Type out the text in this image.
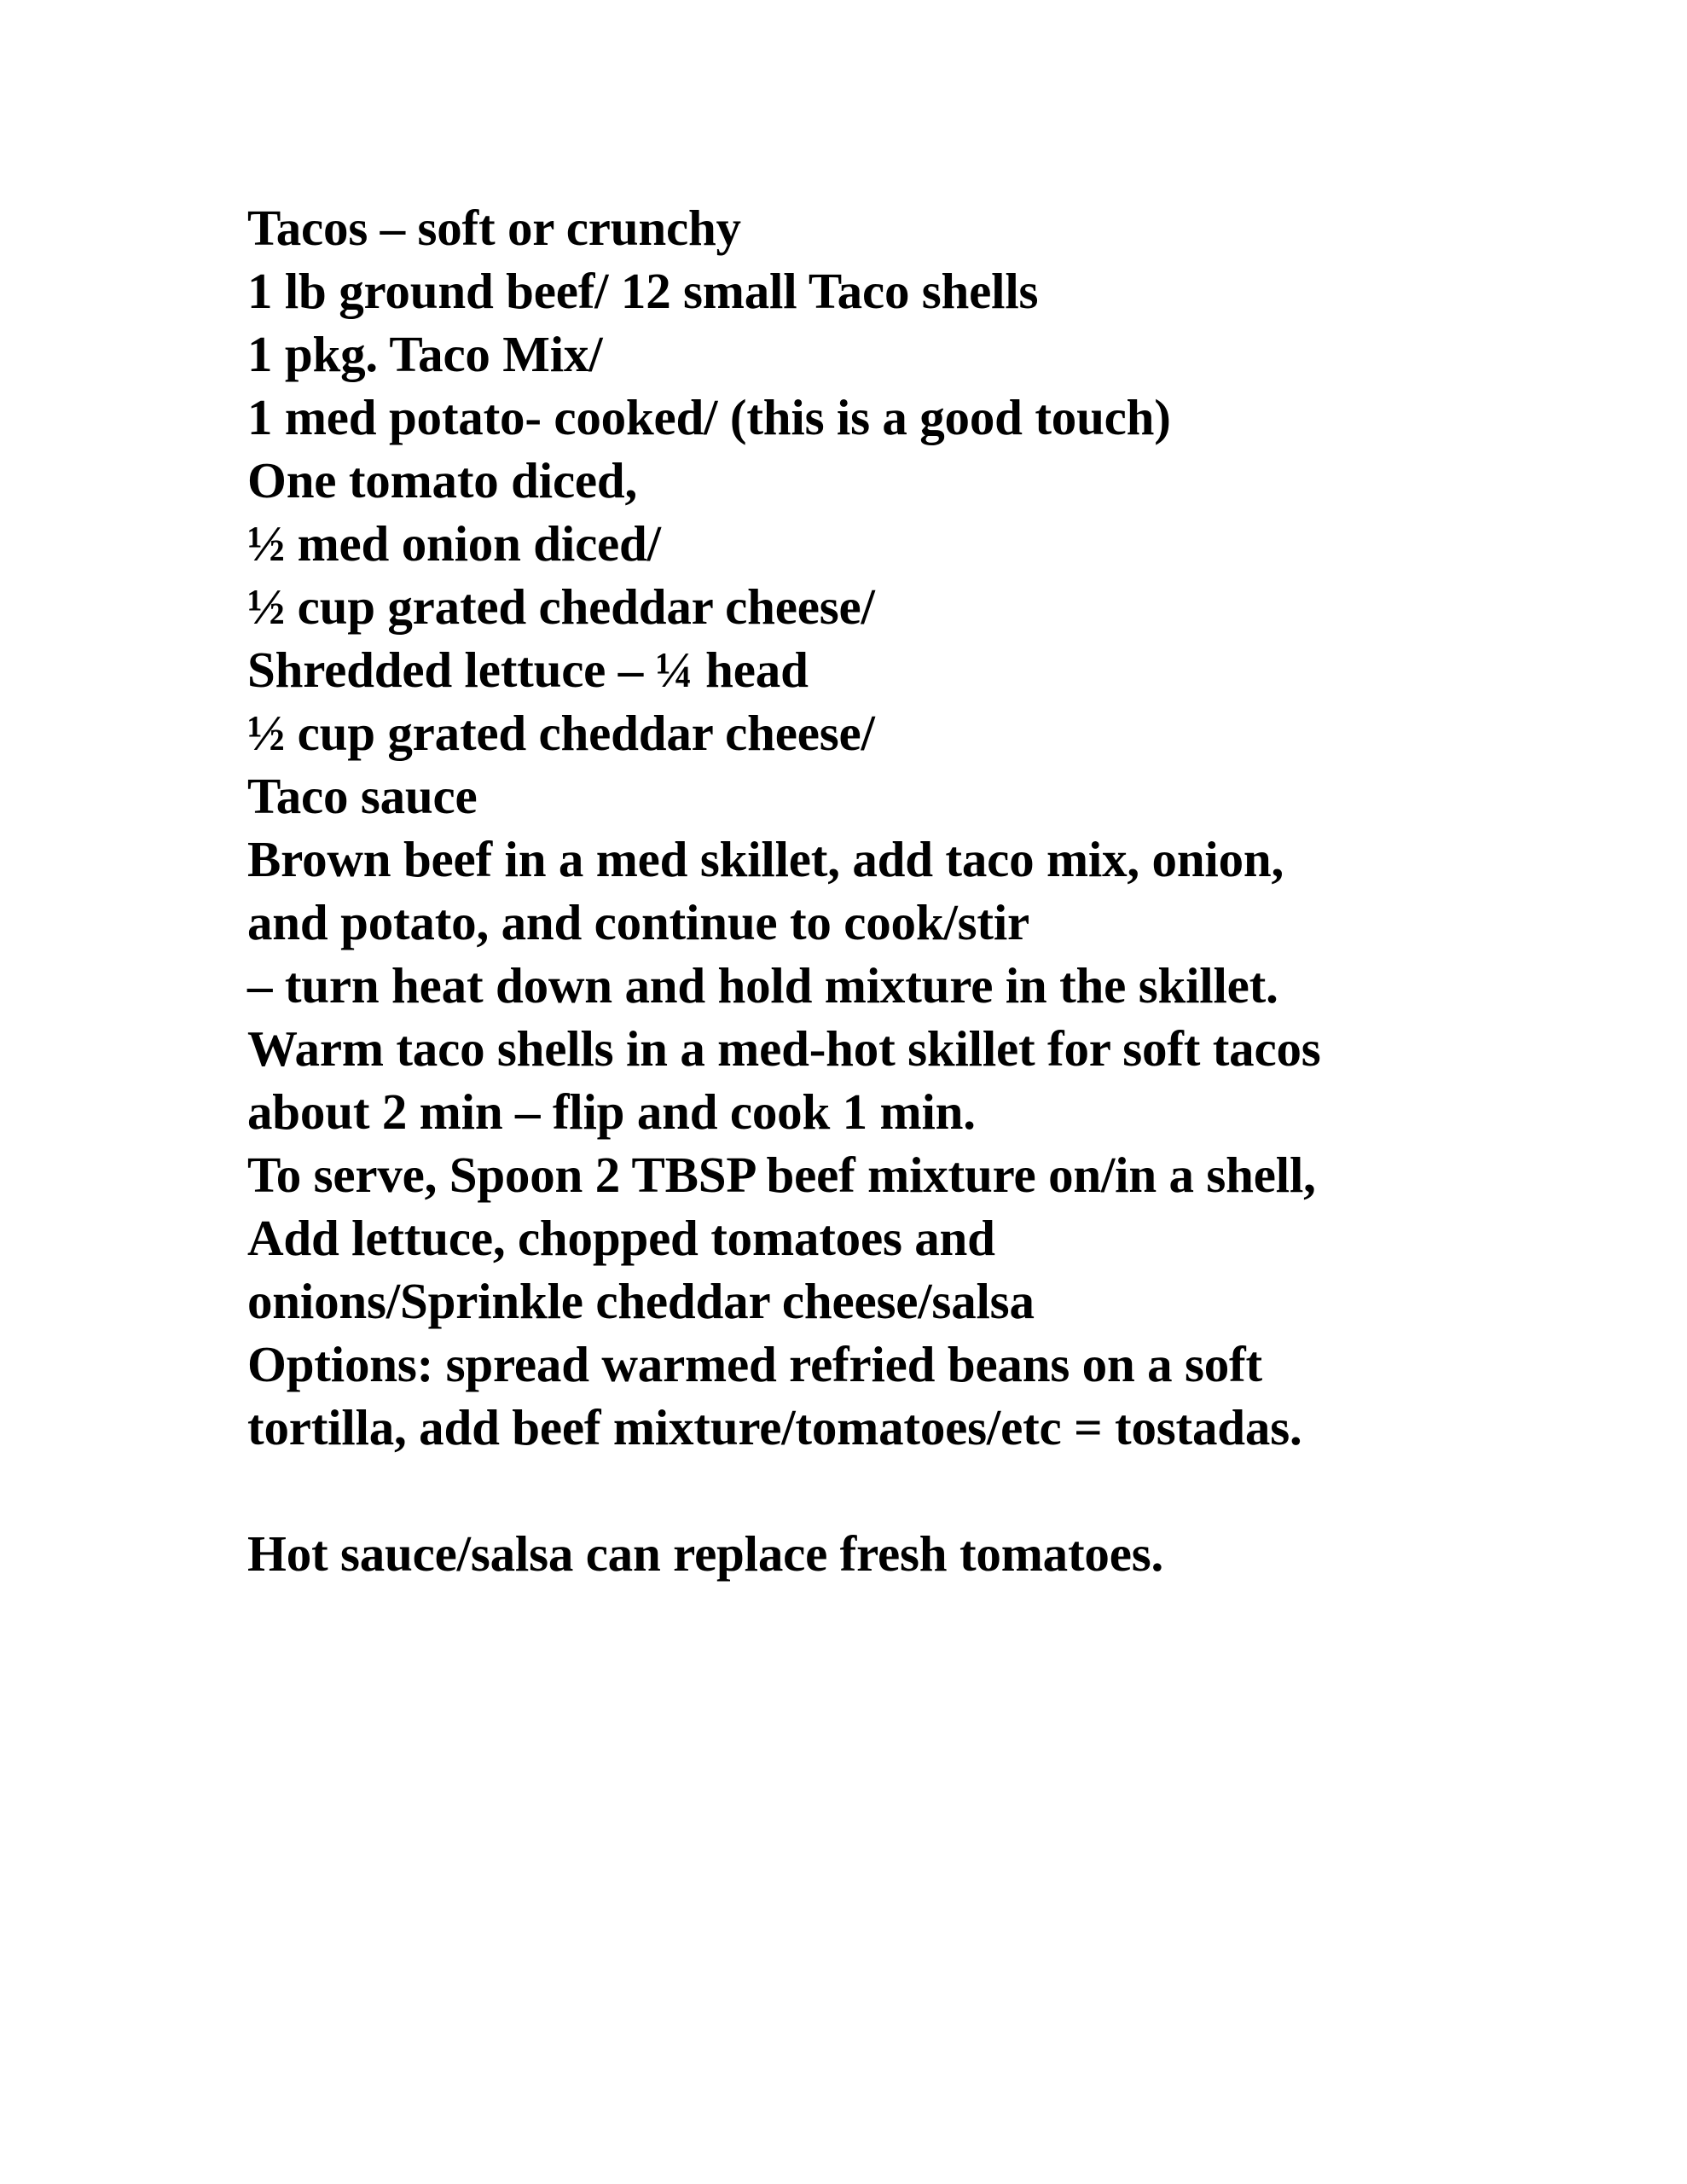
Tacos – soft or crunchy
1 lb ground beef/ 12 small Taco shells
1 pkg. Taco Mix/
1 med potato- cooked/ (this is a good touch)
One tomato diced,
½ med onion diced/
½ cup grated cheddar cheese/
Shredded lettuce – ¼ head
½ cup grated cheddar cheese/
Taco sauce
Brown beef in a med skillet, add taco mix, onion,
and potato, and continue to cook/stir
– turn heat down and hold mixture in the skillet.
Warm taco shells in a med-hot skillet for soft tacos
about 2 min – flip and cook 1 min.
To serve, Spoon 2 TBSP beef mixture on/in a shell,
Add lettuce, chopped tomatoes and
onions/Sprinkle cheddar cheese/salsa
Options: spread warmed refried beans on a soft
tortilla, add beef mixture/tomatoes/etc = tostadas.
Hot sauce/salsa can replace fresh tomatoes.
